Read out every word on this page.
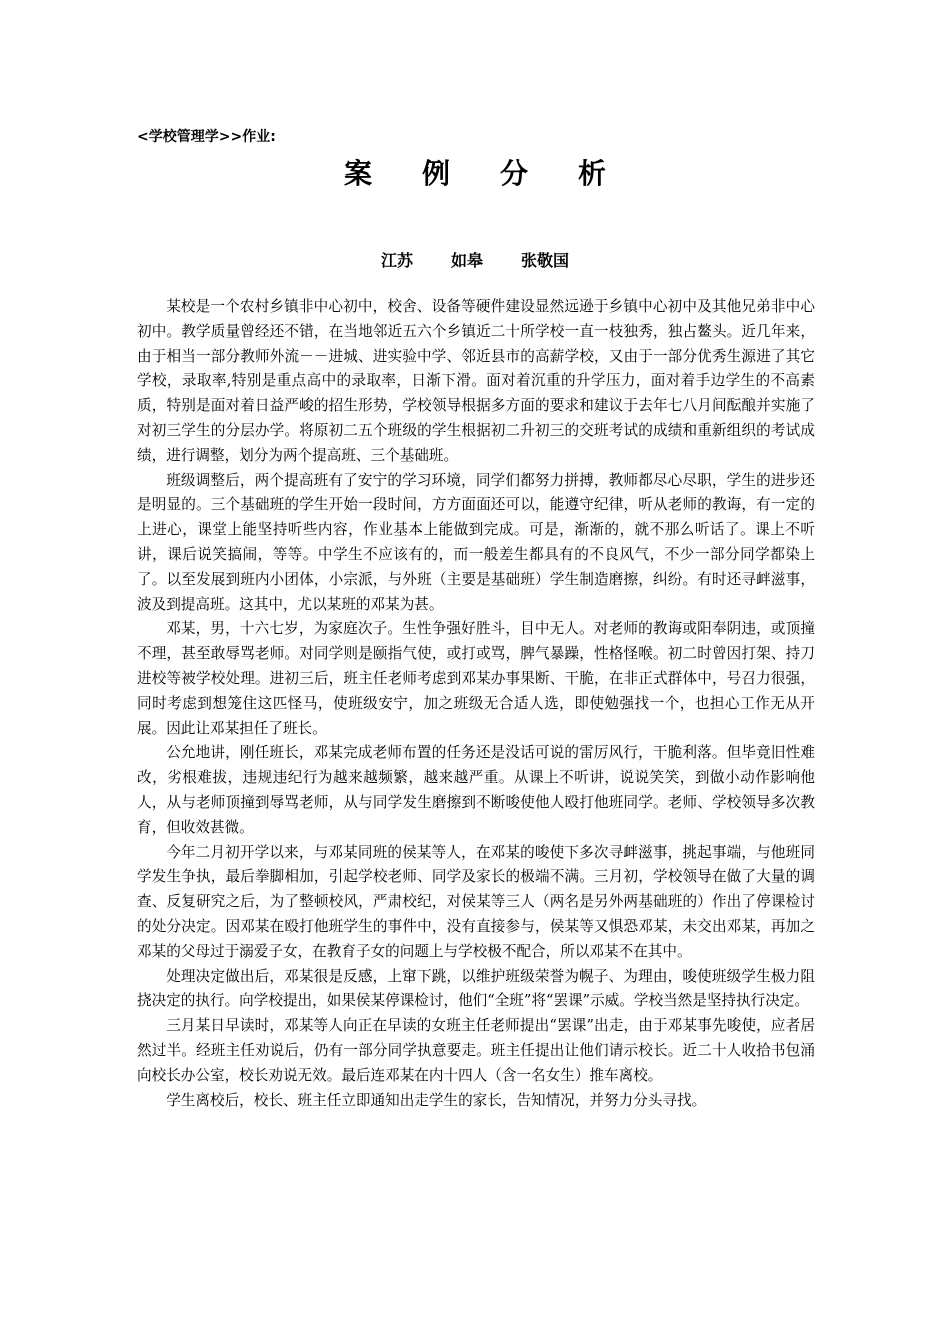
<学校管理学>>作业:
案例分析
江苏 如皋 张敬国

某校是一个农村乡镇非中心初中，校舍、设备等硬件建设显然远逊于乡镇中心初中及其他兄弟非中心初中。教学质量曾经还不错，在当地邻近五六个乡镇近二十所学校一直一枝独秀，独占鳌头。近几年来，由于相当一部分教师外流－－进城、进实验中学、邻近县市的高薪学校，又由于一部分优秀生源进了其它学校，录取率,特别是重点高中的录取率，日渐下滑。面对着沉重的升学压力，面对着手边学生的不高素质，特别是面对着日益严峻的招生形势，学校领导根据多方面的要求和建议于去年七八月间酝酿并实施了对初三学生的分层办学。将原初二五个班级的学生根据初二升初三的交班考试的成绩和重新组织的考试成绩，进行调整，划分为两个提高班、三个基础班。

班级调整后，两个提高班有了安宁的学习环境，同学们都努力拼搏，教师都尽心尽职，学生的进步还是明显的。三个基础班的学生开始一段时间，方方面面还可以，能遵守纪律，听从老师的教诲，有一定的上进心，课堂上能坚持听些内容，作业基本上能做到完成。可是，渐渐的，就不那么听话了。课上不听讲，课后说笑搞闹，等等。中学生不应该有的，而一般差生都具有的不良风气，不少一部分同学都染上了。以至发展到班内小团体，小宗派，与外班（主要是基础班）学生制造磨擦，纠纷。有时还寻衅滋事，波及到提高班。这其中，尤以某班的邓某为甚。

邓某，男，十六七岁，为家庭次子。生性争强好胜斗，目中无人。对老师的教诲或阳奉阴违，或顶撞不理，甚至敢辱骂老师。对同学则是颐指气使，或打或骂，脾气暴躁，性格怪喉。初二时曾因打架、持刀进校等被学校处理。进初三后，班主任老师考虑到邓某办事果断、干脆，在非正式群体中，号召力很强，同时考虑到想笼住这匹怪马，使班级安宁，加之班级无合适人选，即使勉强找一个，也担心工作无从开展。因此让邓某担任了班长。

公允地讲，刚任班长，邓某完成老师布置的任务还是没话可说的雷厉风行，干脆利落。但毕竟旧性难改，劣根难拔，违规违纪行为越来越频繁，越来越严重。从课上不听讲，说说笑笑，到做小动作影响他人，从与老师顶撞到辱骂老师，从与同学发生磨擦到不断唆使他人殴打他班同学。老师、学校领导多次教育，但收效甚微。

今年二月初开学以来，与邓某同班的侯某等人，在邓某的唆使下多次寻衅滋事，挑起事端，与他班同学发生争执，最后拳脚相加，引起学校老师、同学及家长的极端不满。三月初，学校领导在做了大量的调查、反复研究之后，为了整顿校风，严肃校纪，对侯某等三人（两名是另外两基础班的）作出了停课检讨的处分决定。因邓某在殴打他班学生的事件中，没有直接参与，侯某等又惧恐邓某，未交出邓某，再加之邓某的父母过于溺爱子女，在教育子女的问题上与学校极不配合，所以邓某不在其中。

处理决定做出后，邓某很是反感，上窜下跳，以维护班级荣誉为幌子、为理由，唆使班级学生极力阻挠决定的执行。向学校提出，如果侯某停课检讨，他们“全班”将“罢课”示威。学校当然是坚持执行决定。

三月某日早读时，邓某等人向正在早读的女班主任老师提出“罢课”出走，由于邓某事先唆使，应者居然过半。经班主任劝说后，仍有一部分同学执意要走。班主任提出让他们请示校长。近二十人收拾书包涌向校长办公室，校长劝说无效。最后连邓某在内十四人（含一名女生）推车离校。

学生离校后，校长、班主任立即通知出走学生的家长，告知情况，并努力分头寻找。
